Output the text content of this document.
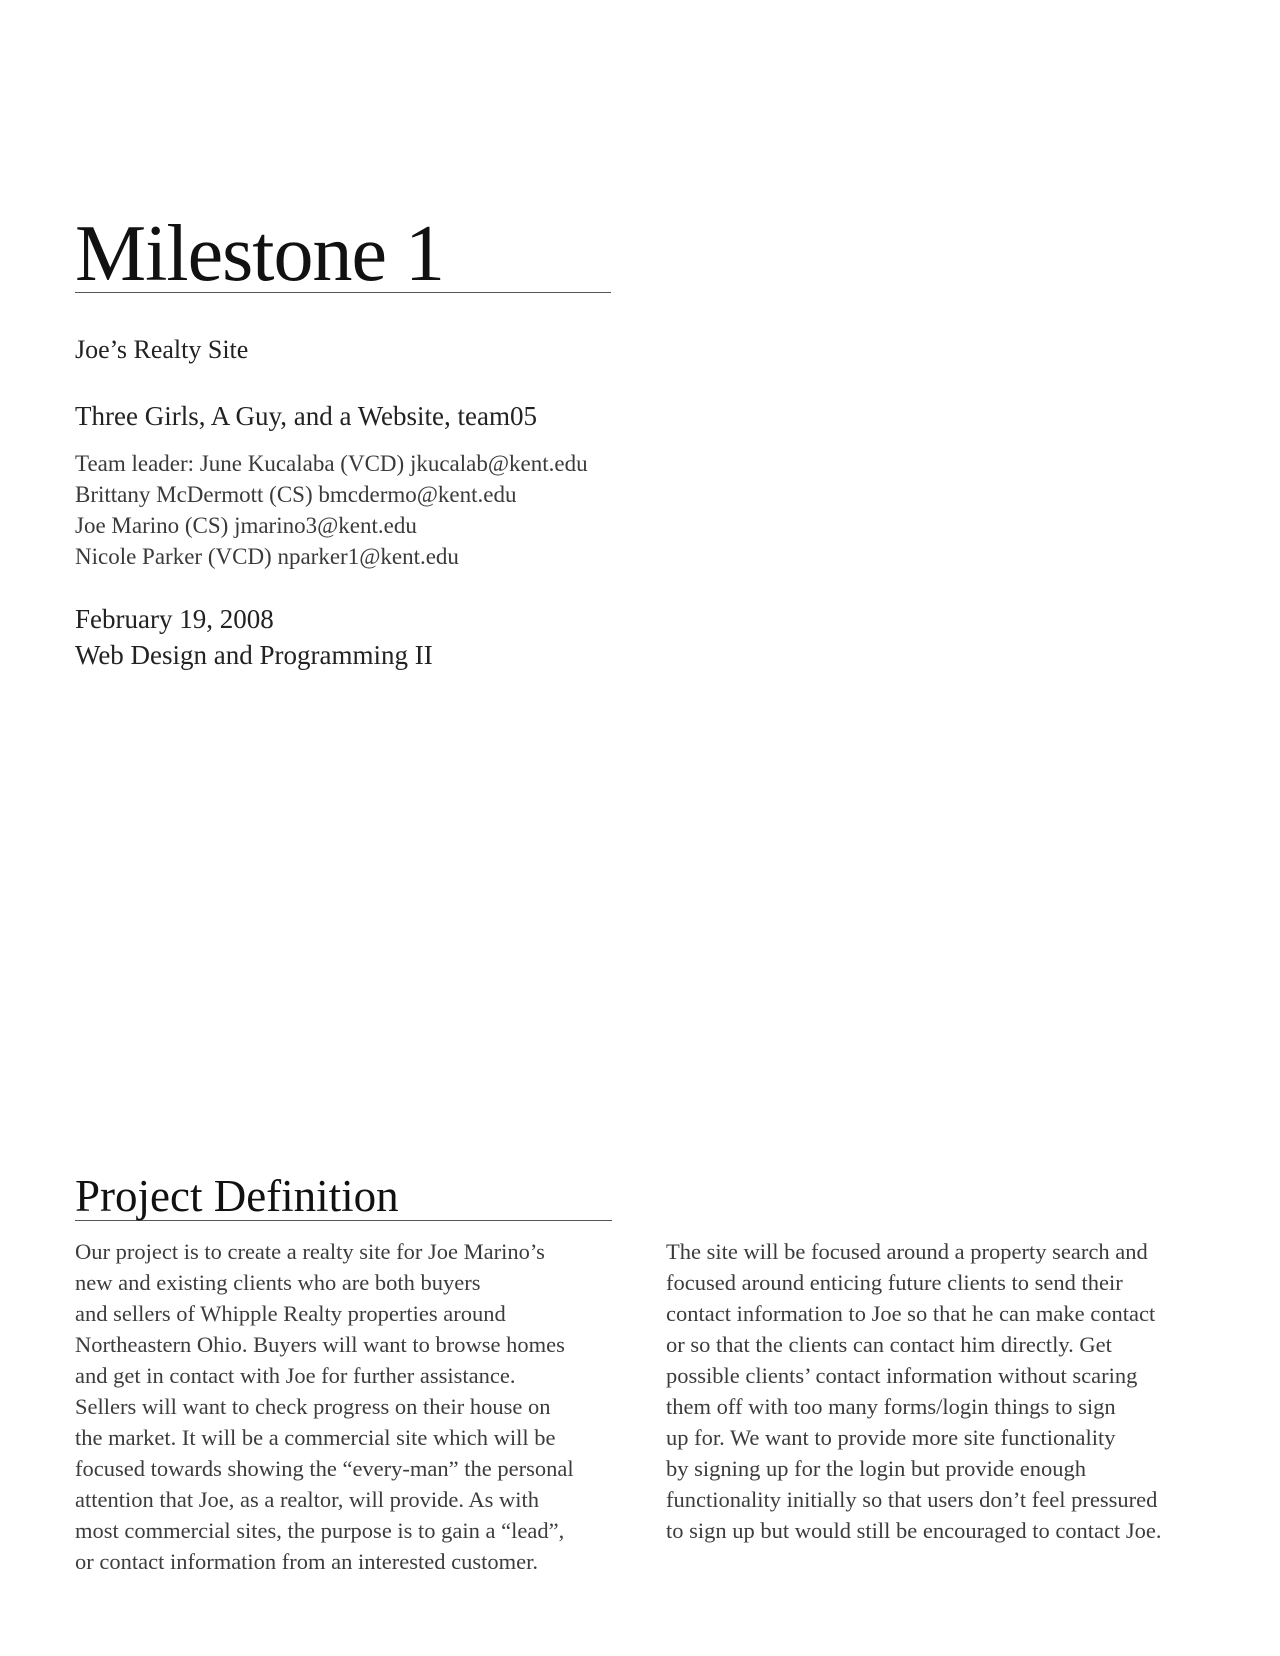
Milestone 1

Joe’s Realty Site

Three Girls, A Guy, and a Website, team05

Team leader: June Kucalaba (VCD) jkucalab@kent.edu
Brittany McDermott (CS) bmcdermo@kent.edu
Joe Marino (CS) jmarino3@kent.edu
Nicole Parker (VCD) nparker1@kent.edu

February 19, 2008

Web Design and Programming II

Project Definition
Our project is to create a realty site for Joe Marino’s
new and existing clients who are both buyers
and sellers of Whipple Realty properties around
Northeastern Ohio. Buyers will want to browse homes
and get in contact with Joe for further assistance.
Sellers will want to check progress on their house on
the market. It will be a commercial site which will be
focused towards showing the “every-man” the personal
attention that Joe, as a realtor, will provide. As with
most commercial sites, the purpose is to gain a “lead”,
or contact information from an interested customer.
The site will be focused around a property search and
focused around enticing future clients to send their
contact information to Joe so that he can make contact
or so that the clients can contact him directly. Get
possible clients’ contact information without scaring
them off with too many forms/login things to sign
up for. We want to provide more site functionality
by signing up for the login but provide enough
functionality initially so that users don’t feel pressured
to sign up but would still be encouraged to contact Joe.
